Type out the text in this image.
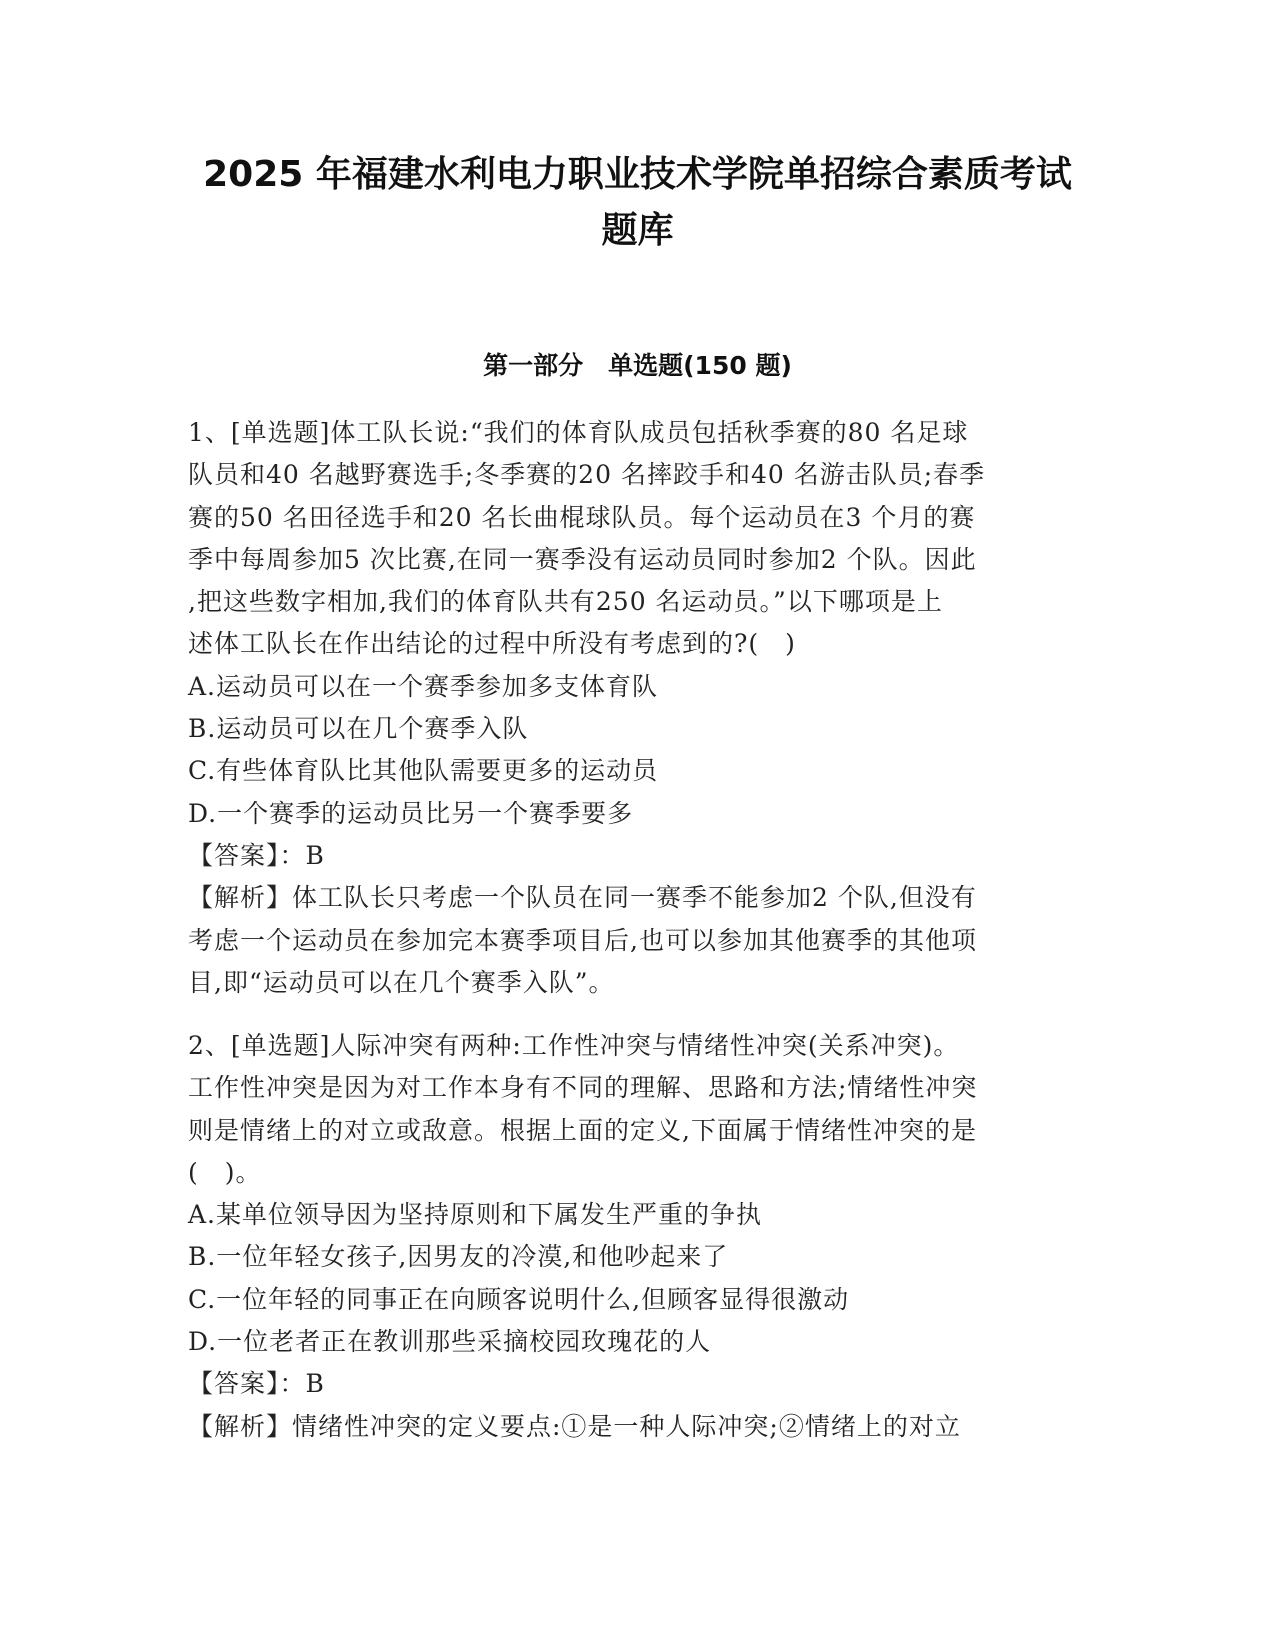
2025 年福建水利电力职业技术学院单招综合素质考试
题库
第一部分　单选题(150 题)
1、[单选题]体工队长说:“我们的体育队成员包括秋季赛的80 名足球
队员和40 名越野赛选手;冬季赛的20 名摔跤手和40 名游击队员;春季
赛的50 名田径选手和20 名长曲棍球队员。每个运动员在3 个月的赛
季中每周参加5 次比赛,在同一赛季没有运动员同时参加2 个队。因此
,把这些数字相加,我们的体育队共有250 名运动员。”以下哪项是上
述体工队长在作出结论的过程中所没有考虑到的?(　)
A.运动员可以在一个赛季参加多支体育队
B.运动员可以在几个赛季入队
C.有些体育队比其他队需要更多的运动员
D.一个赛季的运动员比另一个赛季要多
【答案】：B
【解析】体工队长只考虑一个队员在同一赛季不能参加2 个队,但没有
考虑一个运动员在参加完本赛季项目后,也可以参加其他赛季的其他项
目,即“运动员可以在几个赛季入队”。
2、[单选题]人际冲突有两种:工作性冲突与情绪性冲突(关系冲突)。
工作性冲突是因为对工作本身有不同的理解、思路和方法;情绪性冲突
则是情绪上的对立或敌意。根据上面的定义,下面属于情绪性冲突的是
(　)。
A.某单位领导因为坚持原则和下属发生严重的争执
B.一位年轻女孩子,因男友的冷漠,和他吵起来了
C.一位年轻的同事正在向顾客说明什么,但顾客显得很激动
D.一位老者正在教训那些采摘校园玫瑰花的人
【答案】：B
【解析】情绪性冲突的定义要点:①是一种人际冲突;②情绪上的对立
